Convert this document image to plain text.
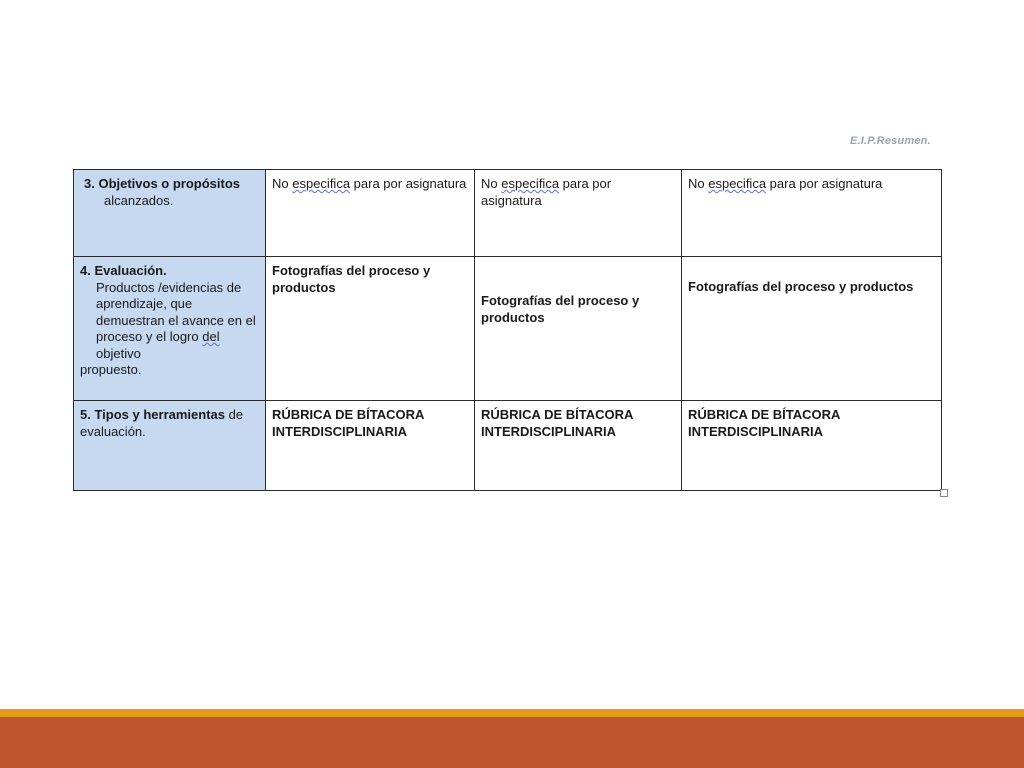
E.I.P.Resumen.
3. Objetivos o propósitos
alcanzados.	No especifica para por asignatura	No especifica para por asignatura	No especifica para por asignatura
4. Evaluación.
Productos /evidencias de aprendizaje, que demuestran el avance en el proceso y el logro del objetivo
propuesto.	Fotografías del proceso y productos	Fotografías del proceso y productos	Fotografías del proceso y productos

5. Tipos y herramientas de evaluación.	RÚBRICA DE BÍTACORA INTERDISCIPLINARIA	RÚBRICA DE BÍTACORA INTERDISCIPLINARIA	RÚBRICA DE BÍTACORA INTERDISCIPLINARIA
